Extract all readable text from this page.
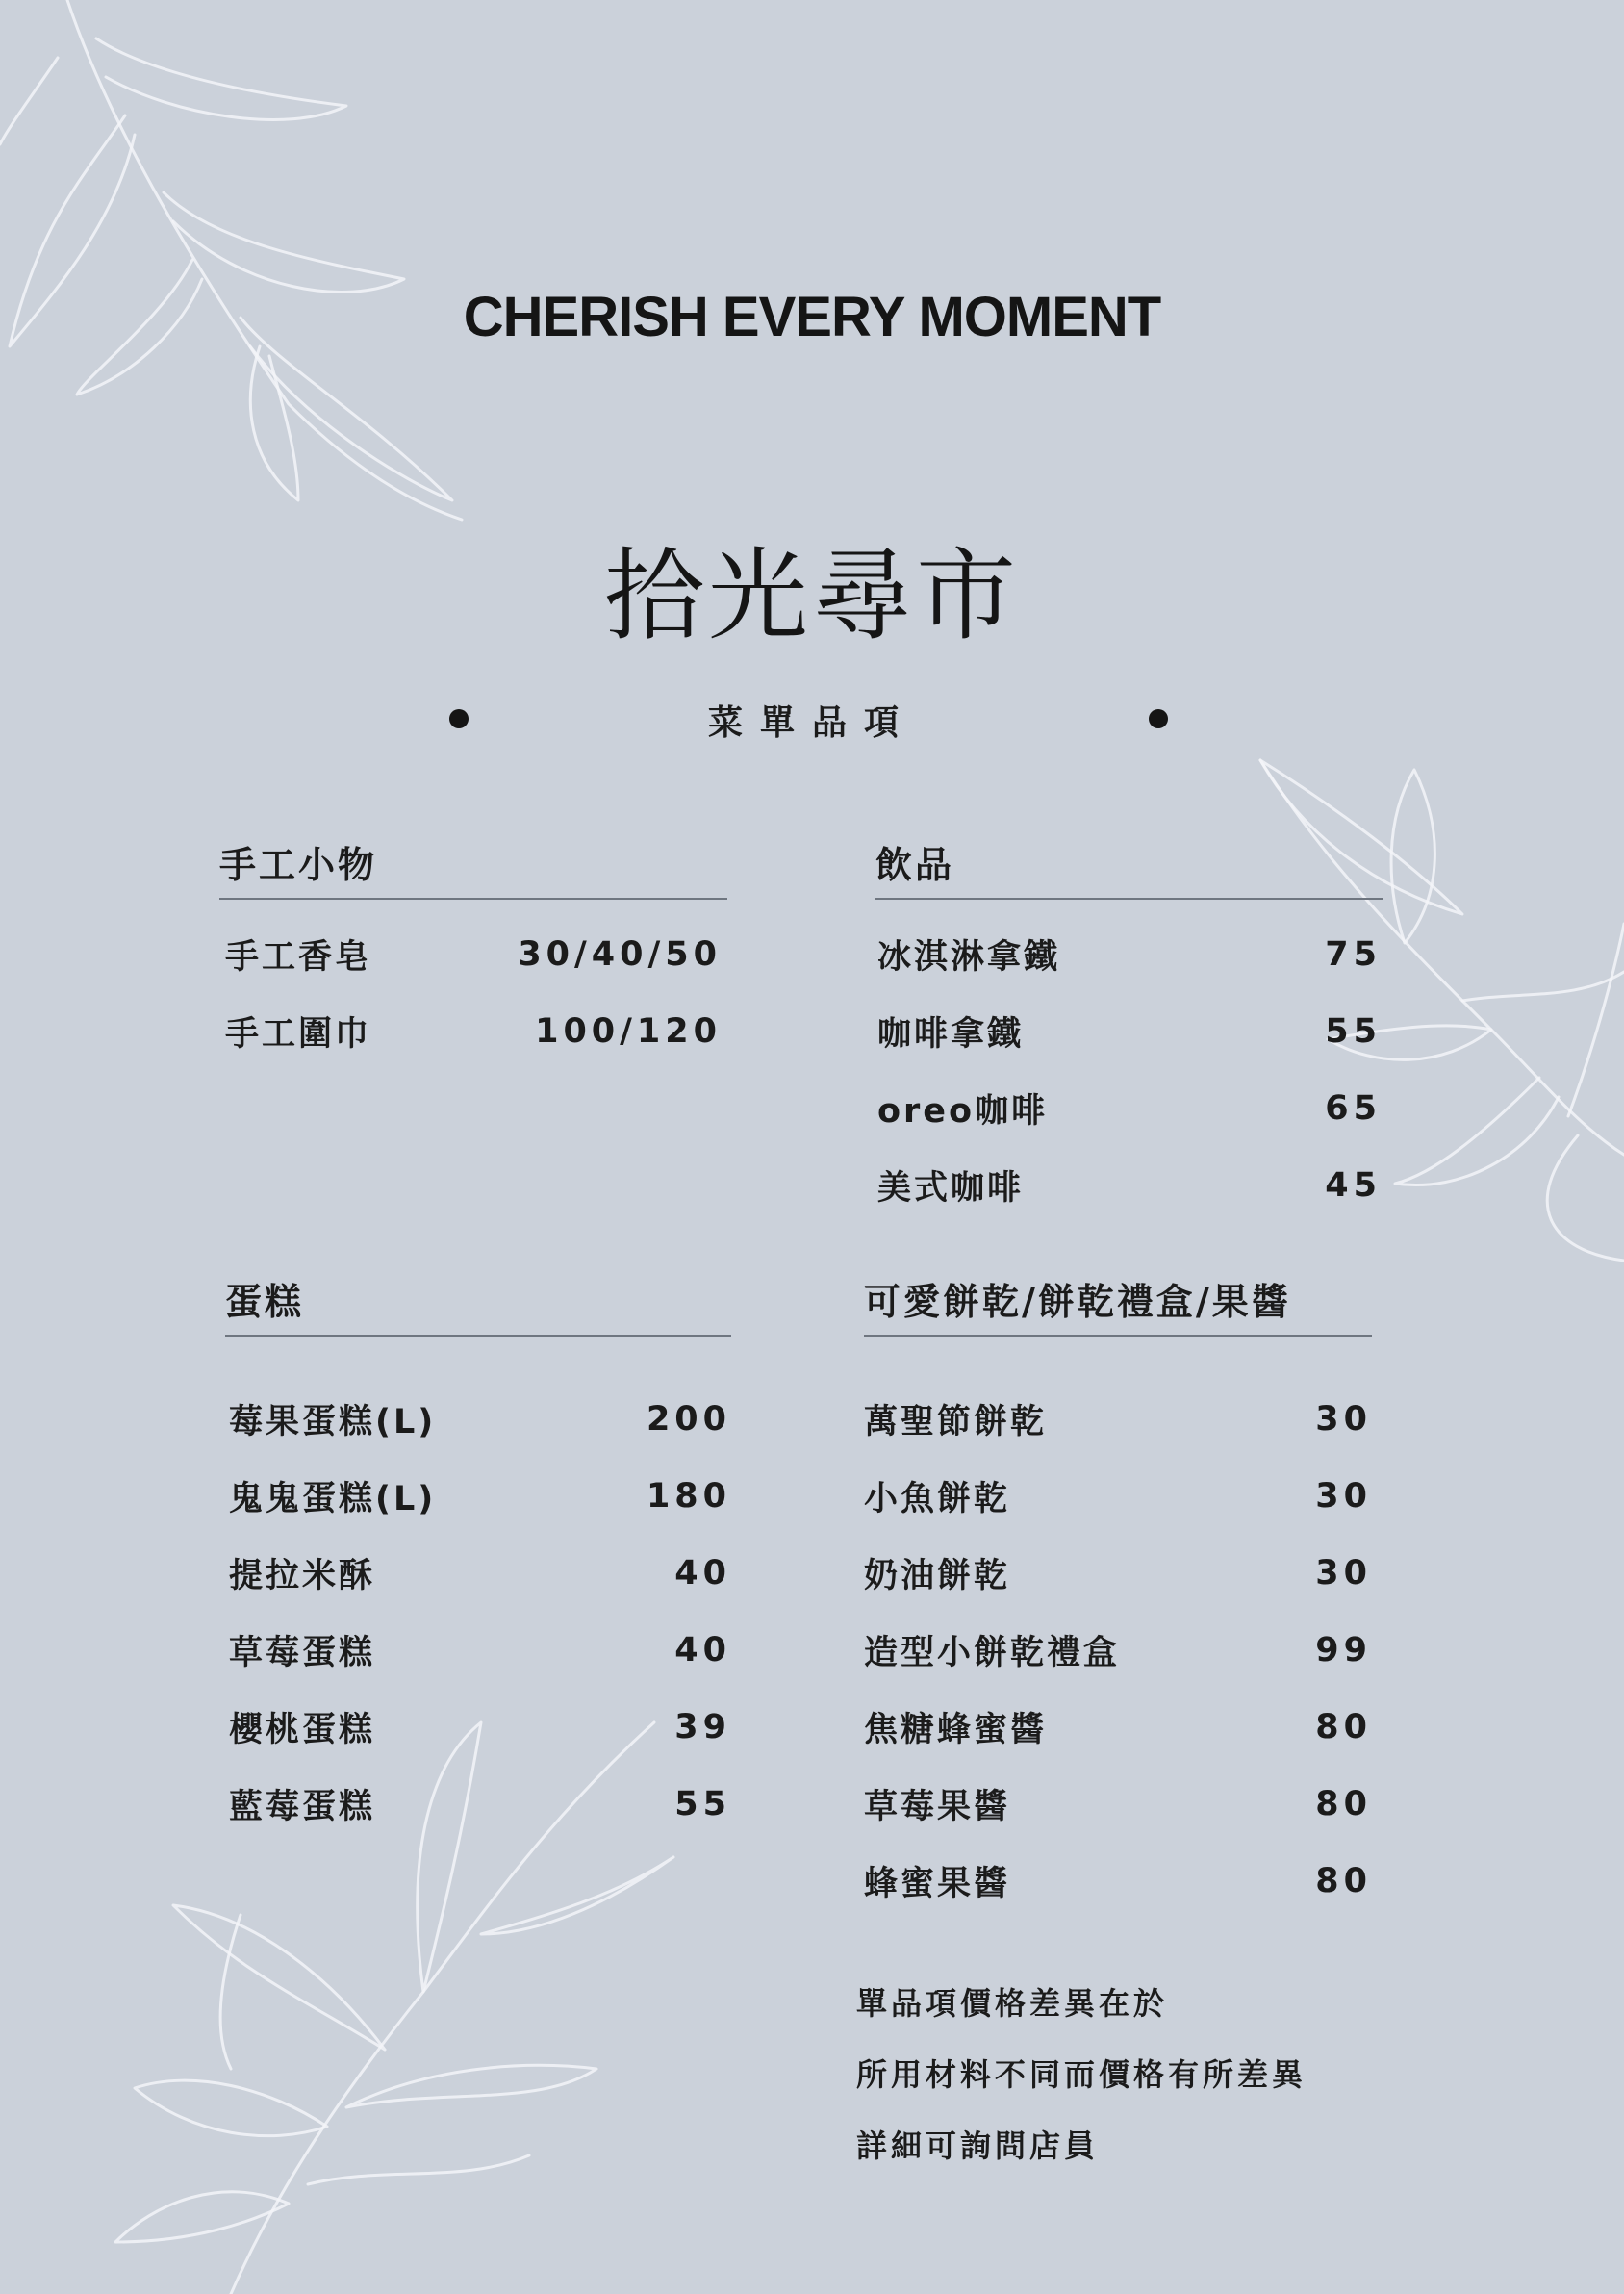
CHERISH EVERY MOMENT
拾光尋市
菜單品項
手工小物
手工香皂	30/40/50
手工圍巾	100/120
飲品
冰淇淋拿鐵	75
咖啡拿鐵	55
oreo咖啡	65
美式咖啡	45
蛋糕
莓果蛋糕(L)	200
鬼鬼蛋糕(L)	180
提拉米酥	40
草莓蛋糕	40
櫻桃蛋糕	39
藍莓蛋糕	55
可愛餅乾/餅乾禮盒/果醬
萬聖節餅乾	30
小魚餅乾	30
奶油餅乾	30
造型小餅乾禮盒	99
焦糖蜂蜜醬	80
草莓果醬	80
蜂蜜果醬	80
單品項價格差異在於
所用材料不同而價格有所差異
詳細可詢問店員
